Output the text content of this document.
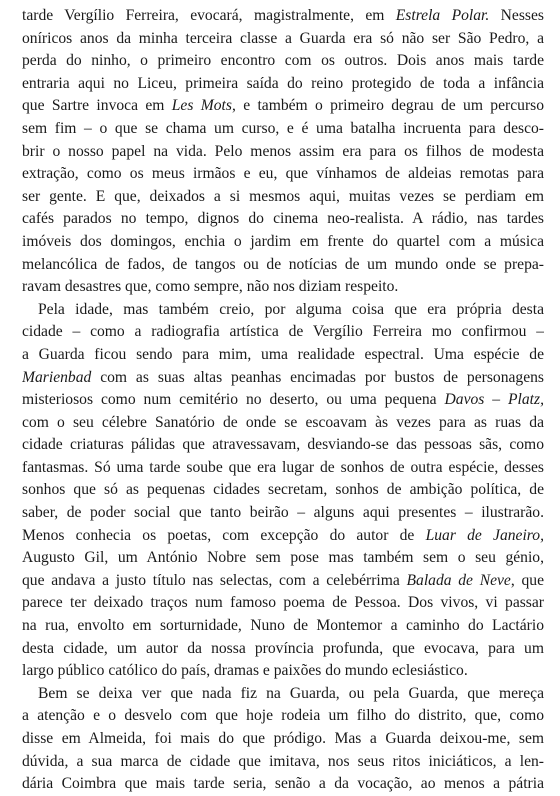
tarde Vergílio Ferreira, evocará, magistralmente, em Estrela Polar. Nesses
oníricos anos da minha terceira classe a Guarda era só não ser São Pedro, a
perda do ninho, o primeiro encontro com os outros. Dois anos mais tarde
entraria aqui no Liceu, primeira saída do reino protegido de toda a infância
que Sartre invoca em Les Mots, e também o primeiro degrau de um percurso
sem fim – o que se chama um curso, e é uma batalha incruenta para desco-
brir o nosso papel na vida. Pelo menos assim era para os filhos de modesta
extração, como os meus irmãos e eu, que vínhamos de aldeias remotas para
ser gente. E que, deixados a si mesmos aqui, muitas vezes se perdiam em
cafés parados no tempo, dignos do cinema neo-realista. A rádio, nas tardes
imóveis dos domingos, enchia o jardim em frente do quartel com a música
melancólica de fados, de tangos ou de notícias de um mundo onde se prepa-
ravam desastres que, como sempre, não nos diziam respeito.
Pela idade, mas também creio, por alguma coisa que era própria desta
cidade – como a radiografia artística de Vergílio Ferreira mo confirmou –
a Guarda ficou sendo para mim, uma realidade espectral. Uma espécie de
Marienbad com as suas altas peanhas encimadas por bustos de personagens
misteriosos como num cemitério no deserto, ou uma pequena Davos – Platz,
com o seu célebre Sanatório de onde se escoavam às vezes para as ruas da
cidade criaturas pálidas que atravessavam, desviando-se das pessoas sãs, como
fantasmas. Só uma tarde soube que era lugar de sonhos de outra espécie, desses
sonhos que só as pequenas cidades secretam, sonhos de ambição política, de
saber, de poder social que tanto beirão – alguns aqui presentes – ilustrarão.
Menos conhecia os poetas, com excepção do autor de Luar de Janeiro,
Augusto Gil, um António Nobre sem pose mas também sem o seu génio,
que andava a justo título nas selectas, com a celebérrima Balada de Neve, que
parece ter deixado traços num famoso poema de Pessoa. Dos vivos, vi passar
na rua, envolto em sorturnidade, Nuno de Montemor a caminho do Lactário
desta cidade, um autor da nossa província profunda, que evocava, para um
largo público católico do país, dramas e paixões do mundo eclesiástico.
Bem se deixa ver que nada fiz na Guarda, ou pela Guarda, que mereça
a atenção e o desvelo com que hoje rodeia um filho do distrito, que, como
disse em Almeida, foi mais do que pródigo. Mas a Guarda deixou-me, sem
dúvida, a sua marca de cidade que imitava, nos seus ritos iniciáticos, a len-
dária Coimbra que mais tarde seria, senão a da vocação, ao menos a pátria
